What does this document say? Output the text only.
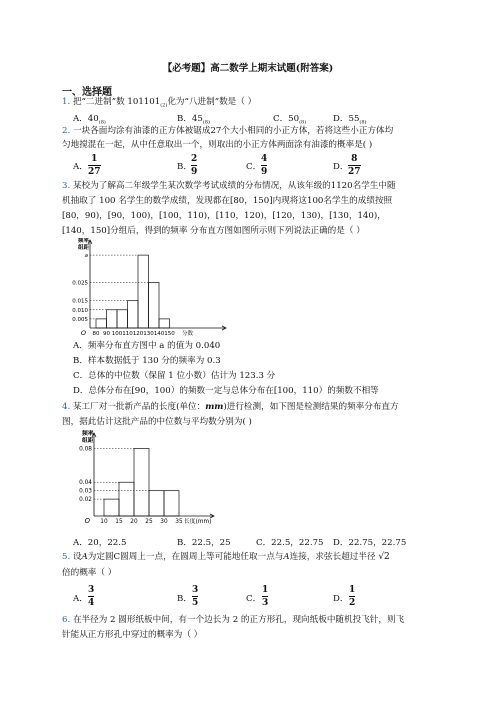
【必考题】高二数学上期末试题(附答案)
一、选择题
1. 把“二进制”数 $101101_{(2)}$化为“八进制”数是（ ）
A．$40_{(8)}$	B．$45_{(8)}$	C．$50_{(8)}$	D．$55_{(8)}$
2. 一块各面均涂有油漆的正方体被锯成27个大小相同的小正方体，若将这些小正方体均
匀地搅混在一起，从中任意取出一个，则取出的小正方体两面涂有油漆的概率是( )
A．
1
27	B．
2
9	C．
4
9	D．
8
27
3. 某校为了解高二年级学生某次数学考试成绩的分布情况，从该年级的1120名学生中随
机抽取了 100 名学生的数学成绩，发现都在[80，150]内现将这100名学生的成绩按照
[80，90)，[90，100)，[100，110)，[110，120)，[120，130)，[130，140)，
[140，150]分组后，得到的频率 分布直方图如图所示则下列说法正确的是（ ）
a
0.025
0.015
0.010
0.005
80 90 100 110 120 130 140 150
O	分数
频率
组距
A．频率分布直方图中 a 的值为 0.040
B．样本数据低于 130 分的频率为 0.3
C．总体的中位数（保留 1 位小数）估计为 123.3 分
D．总体分布在[90，100）的频数一定与总体分布在[100，110）的频数不相等
4. 某工厂对一批新产品的长度(单位：mm)进行检测，如下图是检测结果的频率分布直方
图，据此估计这批产品的中位数与平均数分别为( )
0.08
0.04
0.03
0.02
10 15 20 25 30 35
O	长度(mm)
频率
组距
A．20，22.5	B．22.5，25	C．22.5，22.75 D．22.75，22.75
5. 设A为定圆C圆周上一点，在圆周上等可能地任取一点与A连接，求弦长超过半径 √2
倍的概率（ ）
A．
3
4	B．
3
5	C．
1
3	D．
1
2
6. 在半径为 2 圆形纸板中间，有一个边长为 2 的正方形孔，现向纸板中随机投飞针，则飞
针能从正方形孔中穿过的概率为（ ）
